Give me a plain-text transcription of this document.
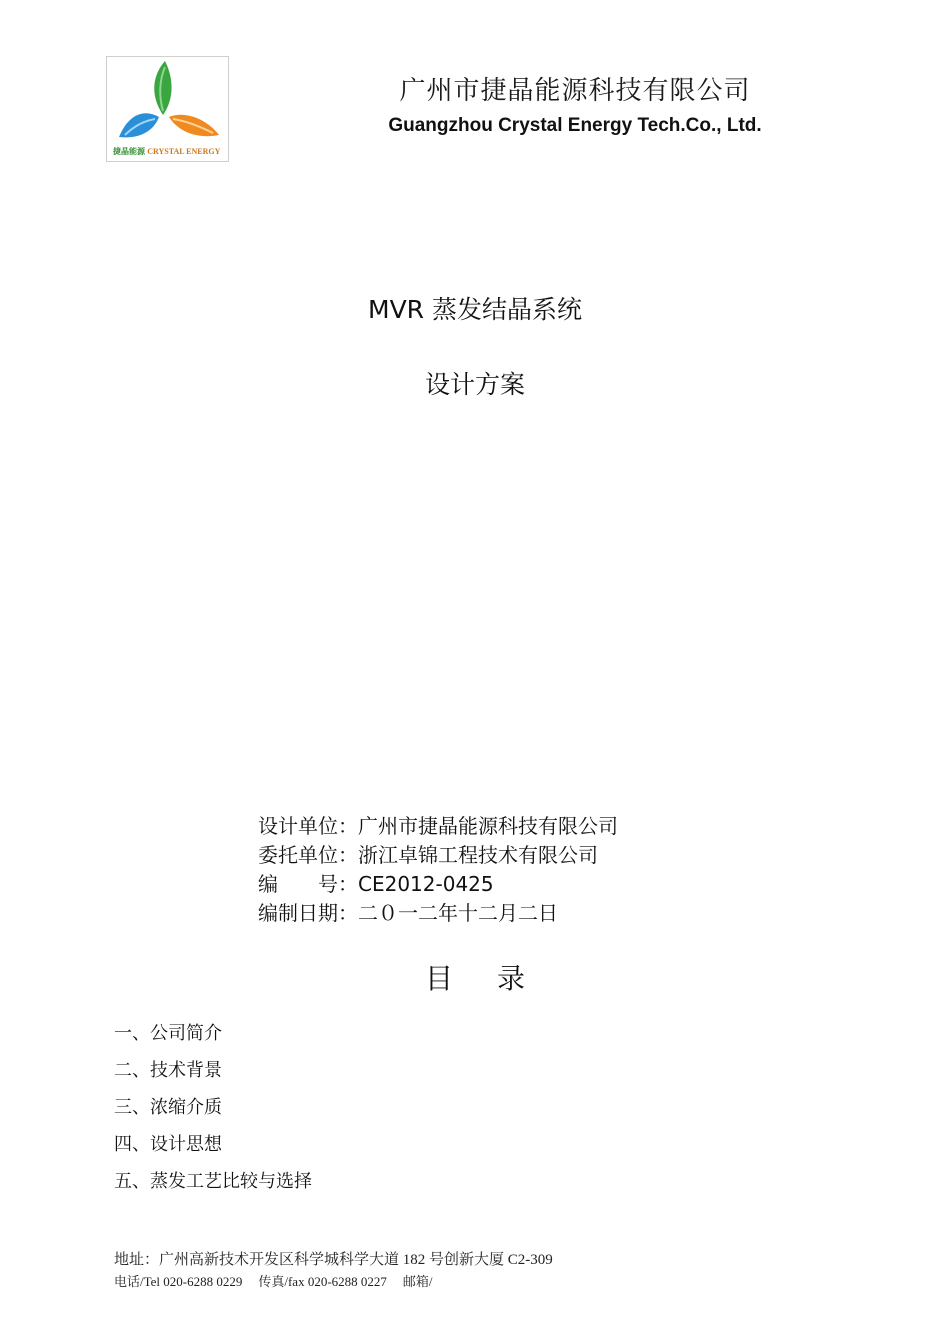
捷晶能源 CRYSTAL ENERGY
广州市捷晶能源科技有限公司
Guangzhou Crystal Energy Tech.Co., Ltd.
MVR 蒸发结晶系统
设计方案
设计单位：广州市捷晶能源科技有限公司
委托单位：浙江卓锦工程技术有限公司
编 号：CE2012-0425
编制日期：二０一二年十二月二日
目 录
一、公司简介
二、技术背景
三、浓缩介质
四、设计思想
五、蒸发工艺比较与选择
地址：广州高新技术开发区科学城科学大道 182 号创新大厦 C2-309
电话/Tel 020-6288 0229 传真/fax 020-6288 0227 邮箱/
